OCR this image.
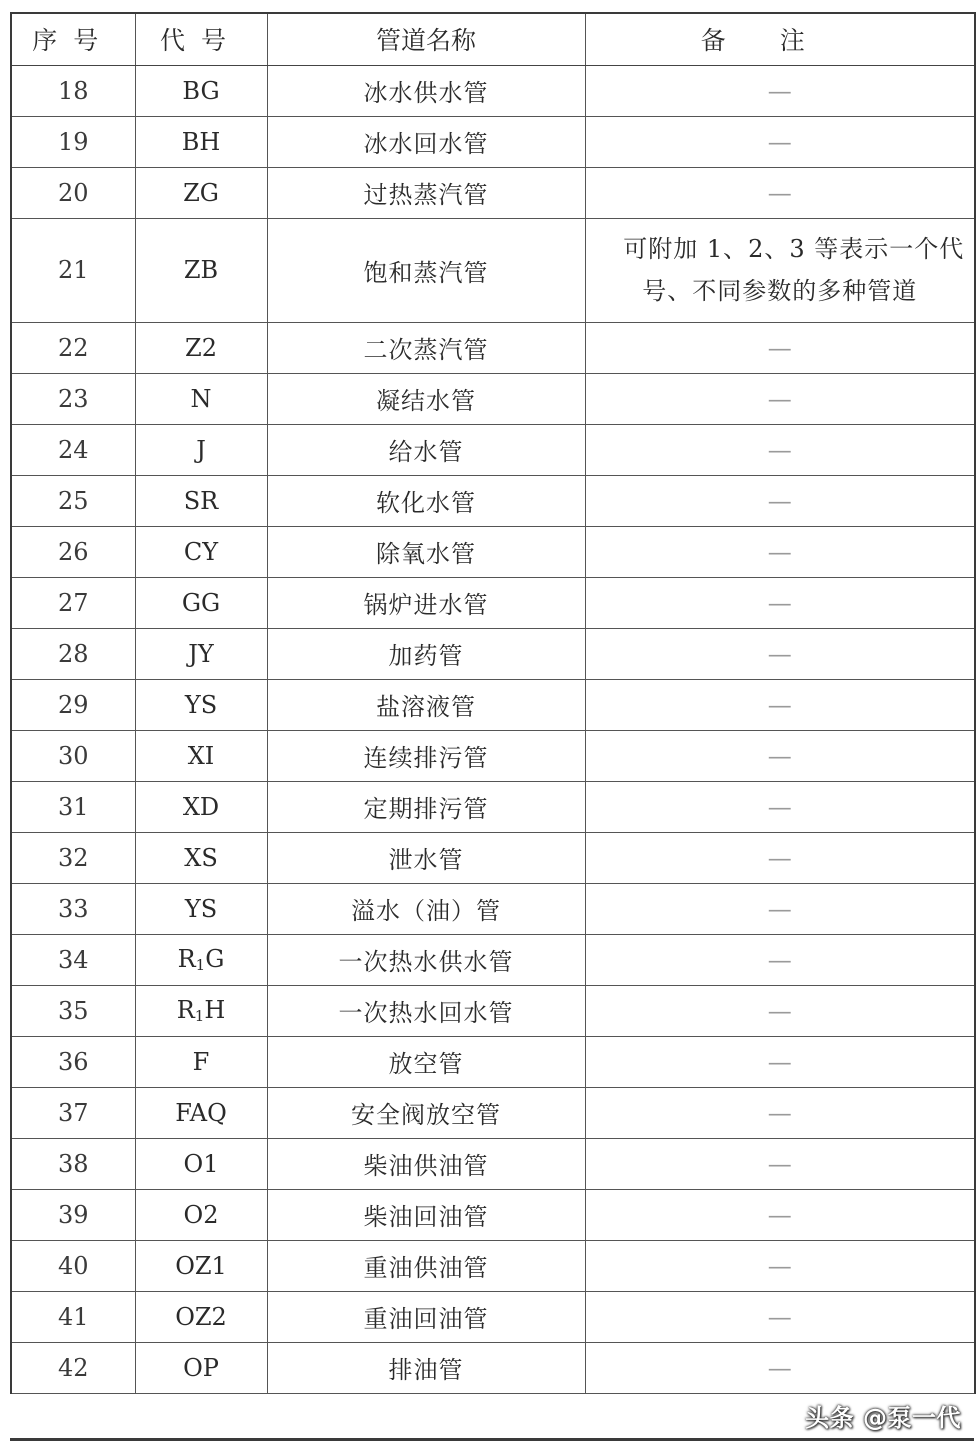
序号	代号	管道名称	备注
18	BG	冰水供水管	—
19	BH	冰水回水管	—
20	ZG	过热蒸汽管	—
21	ZB	饱和蒸汽管	可附加 1、2、3 等表示一个代号、不同参数的多种管道
22	Z2	二次蒸汽管	—
23	N	凝结水管	—
24	J	给水管	—
25	SR	软化水管	—
26	CY	除氧水管	—
27	GG	锅炉进水管	—
28	JY	加药管	—
29	YS	盐溶液管	—
30	XI	连续排污管	—
31	XD	定期排污管	—
32	XS	泄水管	—
33	YS	溢水（油）管	—
34	$R_1G$	一次热水供水管	—
35	$R_1H$	一次热水回水管	—
36	F	放空管	—
37	FAQ	安全阀放空管	—
38	O1	柴油供油管	—
39	O2	柴油回油管	—
40	OZ1	重油供油管	—
41	OZ2	重油回油管	—
42	OP	排油管	—
头条 @泵一代
